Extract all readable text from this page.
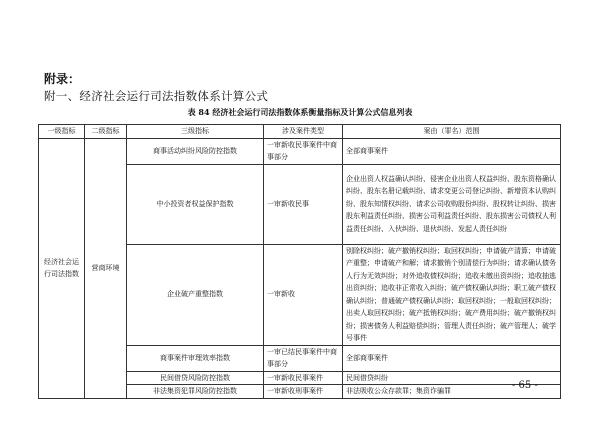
附录：
附一、经济社会运行司法指数体系计算公式
表 84 经济社会运行司法指数体系衡量指标及计算公式信息列表
一级指标	二级指标	三级指标	涉及案件类型	案由（罪名）范围
经济社会运行司法指数	营商环境	商事活动纠纷风险防控指数	一审新收民事案件中商事部分	全部商事案件
		中小投资者权益保护指数	一审新收民事	企业出资人权益确认纠纷、侵害企业出资人权益纠纷、股东资格确认纠纷、股东名册记载纠纷、请求变更公司登记纠纷、新增资本认购纠纷、股东知情权纠纷、请求公司收购股份纠纷、股权转让纠纷、损害股东利益责任纠纷、损害公司利益责任纠纷、股东损害公司债权人利益责任纠纷、入伙纠纷、退伙纠纷、发起人责任纠纷
		企业破产重整指数	一审新收	别除权纠纷；破产撤销权纠纷；取回权纠纷；申请破产清算；申请破产重整；申请破产和解；请求撤销个别清偿行为纠纷；请求确认债务人行为无效纠纷；对外追收债权纠纷；追收未缴出资纠纷；追收抽逃出资纠纷；追收非正常收入纠纷；破产债权确认纠纷；职工破产债权确认纠纷；普通破产债权确认纠纷；取回权纠纷；一般取回权纠纷；出卖人取回权纠纷；破产抵销权纠纷；破产费用纠纷；破产撤销权纠纷；损害债务人利益赔偿纠纷；管理人责任纠纷；破产管理人；破学号事件
		商事案件审理效率指数	一审已结民事案件中商事部分	全部商事案件
		民间借贷风险防控指数	一审新收民事案件	民间借贷纠纷
		非法集资犯罪风险防控指数	一审新收刑事案件	非法吸收公众存款罪；集资诈骗罪	- 65 -
